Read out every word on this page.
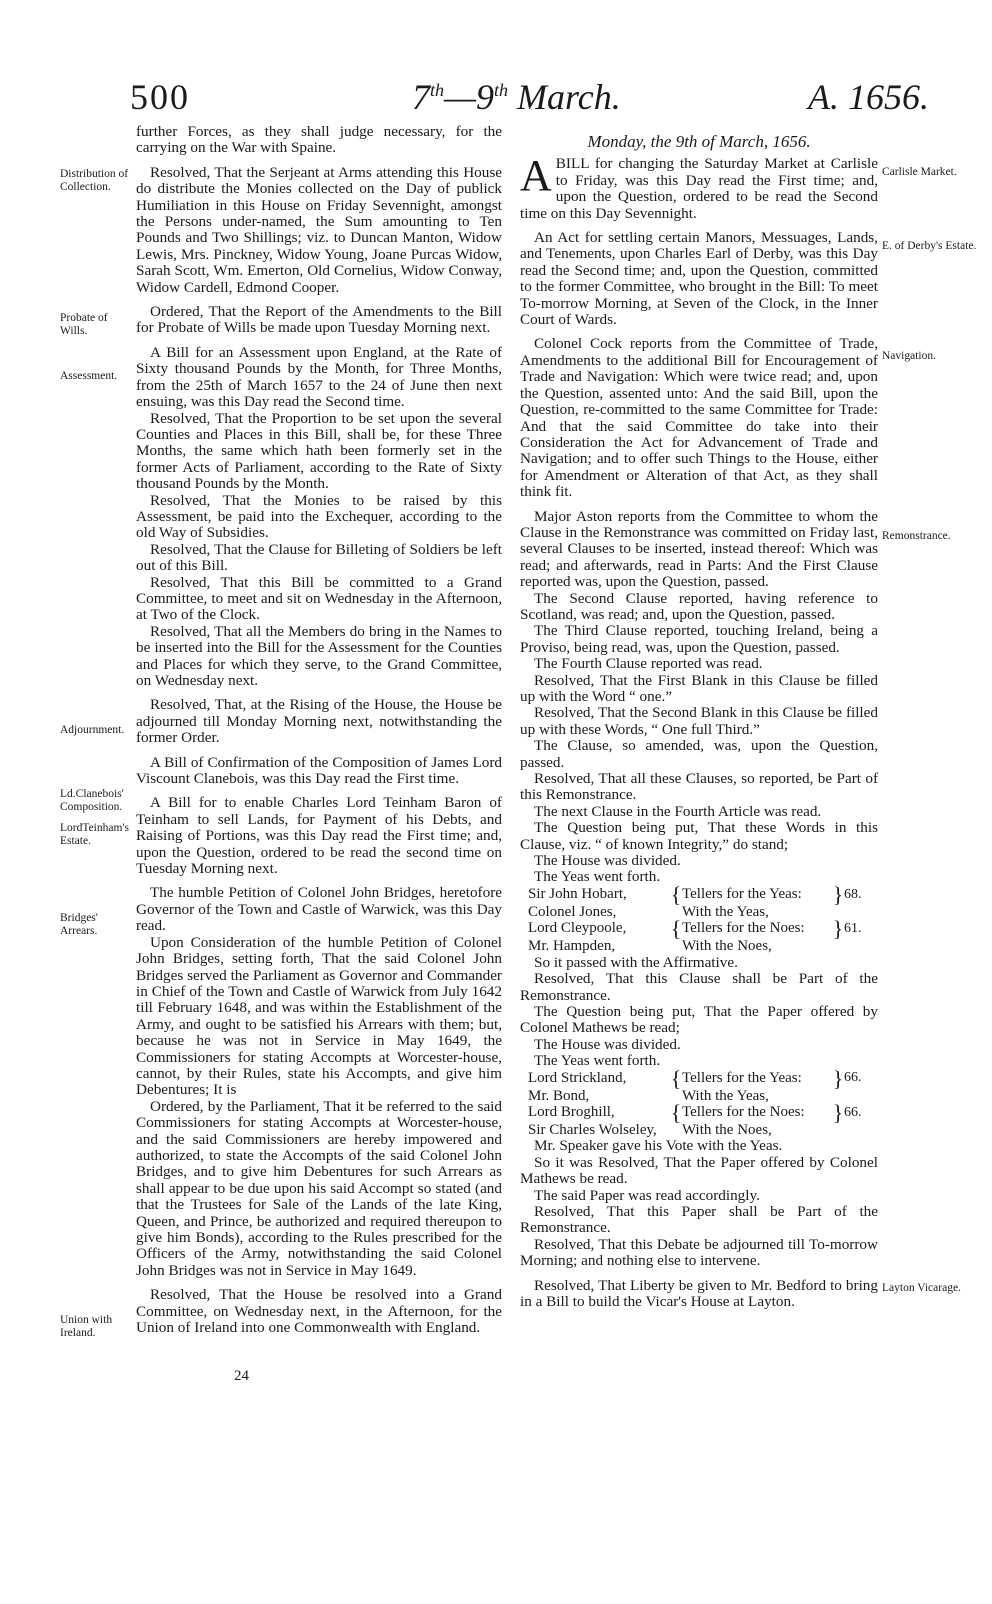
500	7th—9th March.	A. 1656.
Distribution of Collection.
Probate of Wills.
Assessment.
Adjournment.
Ld.Clanebois' Composition.
LordTeinham's Estate.
Bridges' Arrears.
Union with Ireland.

further Forces, as they shall judge necessary, for the carrying on the War with Spaine.

Resolved, That the Serjeant at Arms attending this House do distribute the Monies collected on the Day of publick Humiliation in this House on Friday Sevennight, amongst the Persons under-named, the Sum amounting to Ten Pounds and Two Shillings; viz. to Duncan Manton, Widow Lewis, Mrs. Pinckney, Widow Young, Joane Purcas Widow, Sarah Scott, Wm. Emerton, Old Cornelius, Widow Conway, Widow Cardell, Edmond Cooper.

Ordered, That the Report of the Amendments to the Bill for Probate of Wills be made upon Tuesday Morning next.

A Bill for an Assessment upon England, at the Rate of Sixty thousand Pounds by the Month, for Three Months, from the 25th of March 1657 to the 24 of June then next ensuing, was this Day read the Second time.

Resolved, That the Proportion to be set upon the several Counties and Places in this Bill, shall be, for these Three Months, the same which hath been formerly set in the former Acts of Parliament, according to the Rate of Sixty thousand Pounds by the Month.

Resolved, That the Monies to be raised by this Assessment, be paid into the Exchequer, according to the old Way of Subsidies.

Resolved, That the Clause for Billeting of Soldiers be left out of this Bill.

Resolved, That this Bill be committed to a Grand Committee, to meet and sit on Wednesday in the Afternoon, at Two of the Clock.

Resolved, That all the Members do bring in the Names to be inserted into the Bill for the Assessment for the Counties and Places for which they serve, to the Grand Committee, on Wednesday next.

Resolved, That, at the Rising of the House, the House be adjourned till Monday Morning next, notwithstanding the former Order.

A Bill of Confirmation of the Composition of James Lord Viscount Clanebois, was this Day read the First time.

A Bill for to enable Charles Lord Teinham Baron of Teinham to sell Lands, for Payment of his Debts, and Raising of Portions, was this Day read the First time; and, upon the Question, ordered to be read the second time on Tuesday Morning next.

The humble Petition of Colonel John Bridges, heretofore Governor of the Town and Castle of Warwick, was this Day read.

Upon Consideration of the humble Petition of Colonel John Bridges, setting forth, That the said Colonel John Bridges served the Parliament as Governor and Commander in Chief of the Town and Castle of Warwick from July 1642 till February 1648, and was within the Establishment of the Army, and ought to be satisfied his Arrears with them; but, because he was not in Service in May 1649, the Commissioners for stating Accompts at Worcester-house, cannot, by their Rules, state his Accompts, and give him Debentures; It is

Ordered, by the Parliament, That it be referred to the said Commissioners for stating Accompts at Worcester-house, and the said Commissioners are hereby impowered and authorized, to state the Accompts of the said Colonel John Bridges, and to give him Debentures for such Arrears as shall appear to be due upon his said Accompt so stated (and that the Trustees for Sale of the Lands of the late King, Queen, and Prince, be authorized and required thereupon to give him Bonds), according to the Rules prescribed for the Officers of the Army, notwithstanding the said Colonel John Bridges was not in Service in May 1649.

Resolved, That the House be resolved into a Grand Committee, on Wednesday next, in the Afternoon, for the Union of Ireland into one Commonwealth with England.

24
Monday, the 9th of March, 1656.

A BILL for changing the Saturday Market at Carlisle to Friday, was this Day read the First time; and, upon the Question, ordered to be read the Second time on this Day Sevennight.

An Act for settling certain Manors, Messuages, Lands, and Tenements, upon Charles Earl of Derby, was this Day read the Second time; and, upon the Question, committed to the former Committee, who brought in the Bill: To meet To-morrow Morning, at Seven of the Clock, in the Inner Court of Wards.

Colonel Cock reports from the Committee of Trade, Amendments to the additional Bill for Encouragement of Trade and Navigation: Which were twice read; and, upon the Question, assented unto: And the said Bill, upon the Question, re-committed to the same Committee for Trade: And that the said Committee do take into their Consideration the Act for Advancement of Trade and Navigation; and to offer such Things to the House, either for Amendment or Alteration of that Act, as they shall think fit.

Major Aston reports from the Committee to whom the Clause in the Remonstrance was committed on Friday last, several Clauses to be inserted, instead thereof: Which was read; and afterwards, read in Parts: And the First Clause reported was, upon the Question, passed.

The Second Clause reported, having reference to Scotland, was read; and, upon the Question, passed.

The Third Clause reported, touching Ireland, being a Proviso, being read, was, upon the Question, passed.

The Fourth Clause reported was read.

Resolved, That the First Blank in this Clause be filled up with the Word “ one.”

Resolved, That the Second Blank in this Clause be filled up with these Words, “ One full Third.”

The Clause, so amended, was, upon the Question, passed.

Resolved, That all these Clauses, so reported, be Part of this Remonstrance.

The next Clause in the Fourth Article was read.

The Question being put, That these Words in this Clause, viz. “ of known Integrity,” do stand;

The House was divided.

The Yeas went forth.

Sir John Hobart,	{ Tellers for the Yeas:	} 68.
Colonel Jones,	With the Yeas,
Lord Cleypoole,	{ Tellers for the Noes:	} 61.
Mr. Hampden,	With the Noes,

So it passed with the Affirmative.

Resolved, That this Clause shall be Part of the Remonstrance.

The Question being put, That the Paper offered by Colonel Mathews be read;

The House was divided.

The Yeas went forth.

Lord Strickland,	{ Tellers for the Yeas:	} 66.
Mr. Bond,	With the Yeas,
Lord Broghill,	{ Tellers for the Noes:	} 66.
Sir Charles Wolseley,	With the Noes,

Mr. Speaker gave his Vote with the Yeas.

So it was Resolved, That the Paper offered by Colonel Mathews be read.

The said Paper was read accordingly.

Resolved, That this Paper shall be Part of the Remonstrance.

Resolved, That this Debate be adjourned till To-morrow Morning; and nothing else to intervene.

Resolved, That Liberty be given to Mr. Bedford to bring in a Bill to build the Vicar's House at Layton.

Carlisle Market.
E. of Derby's Estate.
Navigation.
Remonstrance.
Layton Vicarage.
